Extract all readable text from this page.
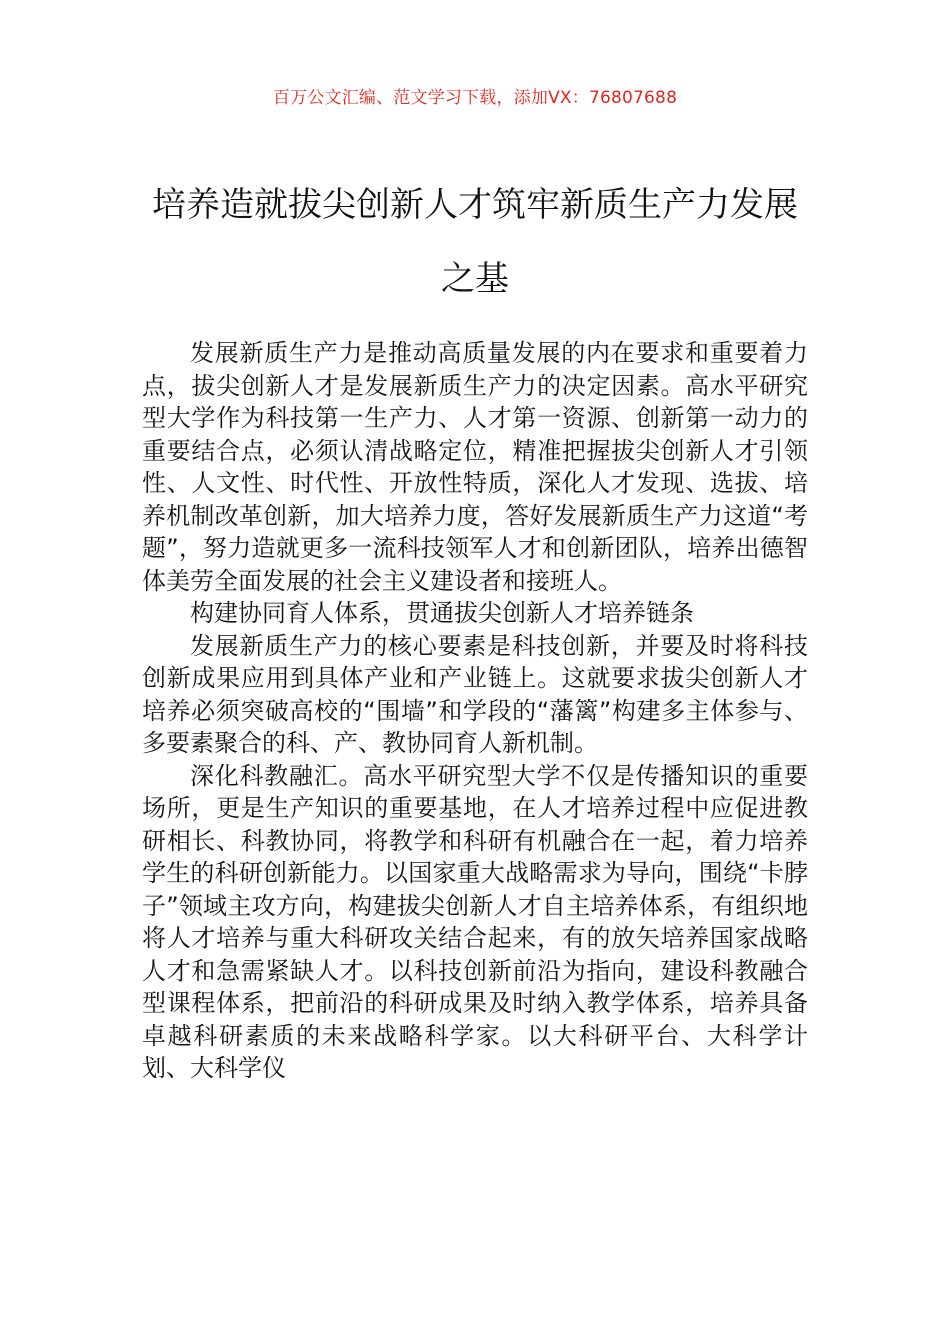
百万公文汇编、范文学习下载，添加VX：76807688
培养造就拔尖创新人才筑牢新质生产力发展之基

发展新质生产力是推动高质量发展的内在要求和重要着力点，拔尖创新人才是发展新质生产力的决定因素。高水平研究型大学作为科技第一生产力、人才第一资源、创新第一动力的重要结合点，必须认清战略定位，精准把握拔尖创新人才引领性、人文性、时代性、开放性特质，深化人才发现、选拔、培养机制改革创新，加大培养力度，答好发展新质生产力这道“考题”，努力造就更多一流科技领军人才和创新团队，培养出德智体美劳全面发展的社会主义建设者和接班人。

构建协同育人体系，贯通拔尖创新人才培养链条

发展新质生产力的核心要素是科技创新，并要及时将科技创新成果应用到具体产业和产业链上。这就要求拔尖创新人才培养必须突破高校的“围墙”和学段的“藩篱”构建多主体参与、多要素聚合的科、产、教协同育人新机制。

深化科教融汇。高水平研究型大学不仅是传播知识的重要场所，更是生产知识的重要基地，在人才培养过程中应促进教研相长、科教协同，将教学和科研有机融合在一起，着力培养学生的科研创新能力。以国家重大战略需求为导向，围绕“卡脖子”领域主攻方向，构建拔尖创新人才自主培养体系，有组织地将人才培养与重大科研攻关结合起来，有的放矢培养国家战略人才和急需紧缺人才。以科技创新前沿为指向，建设科教融合型课程体系，把前沿的科研成果及时纳入教学体系，培养具备卓越科研素质的未来战略科学家。以大科研平台、大科学计划、大科学仪
